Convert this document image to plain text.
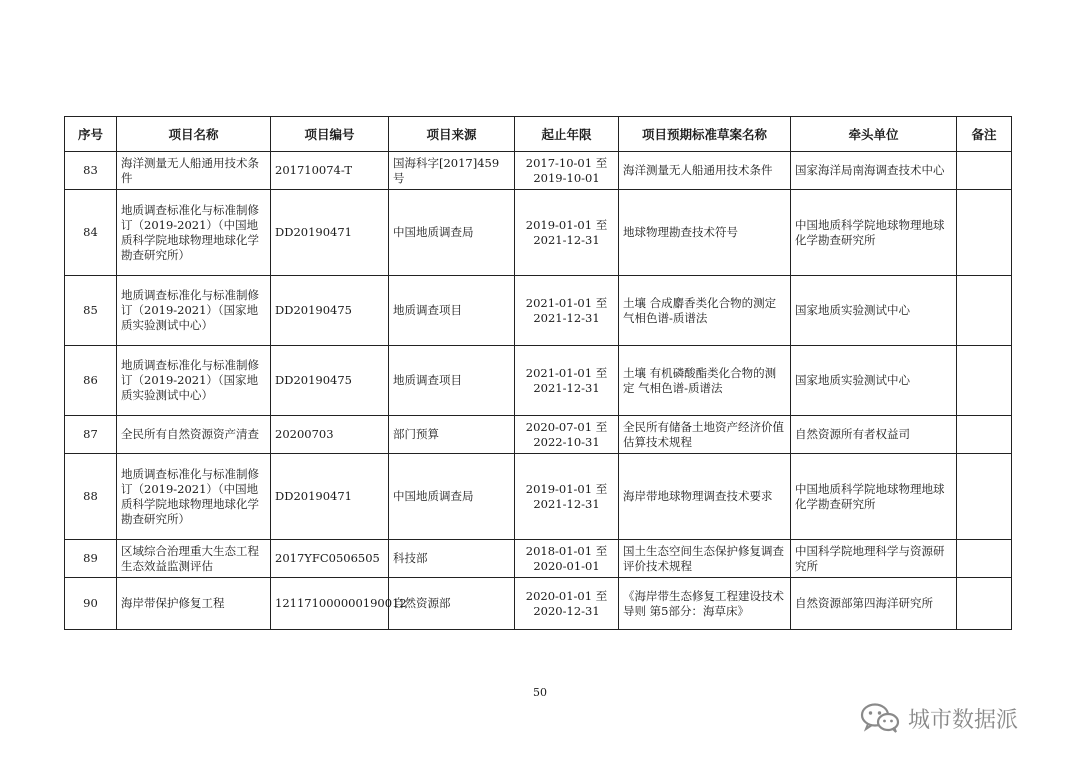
序号	项目名称	项目编号	项目来源	起止年限	项目预期标准草案名称	牵头单位	备注
83	海洋测量无人船通用技术条件	201710074-T	国海科字[2017]459号	2017-10-01 至 2019-10-01	海洋测量无人船通用技术条件	国家海洋局南海调查技术中心	
84	地质调查标准化与标准制修订（2019-2021）（中国地质科学院地球物理地球化学勘查研究所）	DD20190471	中国地质调查局	2019-01-01 至 2021-12-31	地球物理勘查技术符号	中国地质科学院地球物理地球化学勘查研究所	
85	地质调查标准化与标准制修订（2019-2021）（国家地质实验测试中心）	DD20190475	地质调查项目	2021-01-01 至 2021-12-31	土壤 合成麝香类化合物的测定 气相色谱-质谱法	国家地质实验测试中心	
86	地质调查标准化与标准制修订（2019-2021）（国家地质实验测试中心）	DD20190475	地质调查项目	2021-01-01 至 2021-12-31	土壤 有机磷酸酯类化合物的测定 气相色谱-质谱法	国家地质实验测试中心	
87	全民所有自然资源资产清查	20200703	部门预算	2020-07-01 至 2022-10-31	全民所有储备土地资产经济价值估算技术规程	自然资源所有者权益司	
88	地质调查标准化与标准制修订（2019-2021）（中国地质科学院地球物理地球化学勘查研究所）	DD20190471	中国地质调查局	2019-01-01 至 2021-12-31	海岸带地球物理调查技术要求	中国地质科学院地球物理地球化学勘查研究所	
89	区域综合治理重大生态工程生态效益监测评估	2017YFC0506505	科技部	2018-01-01 至 2020-01-01	国土生态空间生态保护修复调查评价技术规程	中国科学院地理科学与资源研究所	
90	海岸带保护修复工程	121171000000190012	自然资源部	2020-01-01 至 2020-12-31	《海岸带生态修复工程建设技术导则 第5部分：海草床》	自然资源部第四海洋研究所	
50
城市数据派
